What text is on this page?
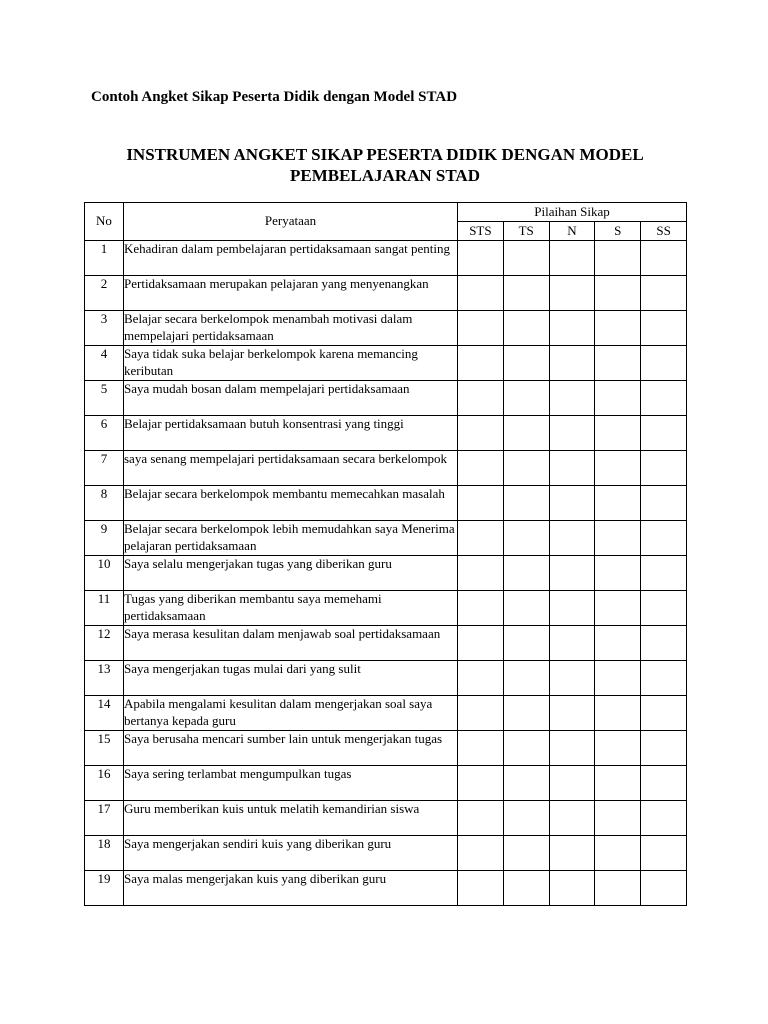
Contoh Angket Sikap Peserta Didik dengan Model STAD
INSTRUMEN ANGKET SIKAP PESERTA DIDIK DENGAN MODEL
PEMBELAJARAN STAD
No	Peryataan	Pilaihan Sikap				
		STS	TS	N	S	SS
1	Kehadiran dalam pembelajaran pertidaksamaan sangat penting					
2	Pertidaksamaan merupakan pelajaran yang menyenangkan					
3	Belajar secara berkelompok menambah motivasi dalam mempelajari pertidaksamaan					
4	Saya tidak suka belajar berkelompok karena memancing keributan					
5	Saya mudah bosan dalam mempelajari pertidaksamaan					
6	Belajar pertidaksamaan butuh konsentrasi yang tinggi					
7	saya senang mempelajari pertidaksamaan secara berkelompok					
8	Belajar secara berkelompok membantu memecahkan masalah					
9	Belajar secara berkelompok lebih memudahkan saya Menerima pelajaran pertidaksamaan					
10	Saya selalu mengerjakan tugas yang diberikan guru					
11	Tugas yang diberikan membantu saya memehami pertidaksamaan					
12	Saya merasa kesulitan dalam menjawab soal pertidaksamaan					
13	Saya mengerjakan tugas mulai dari yang sulit					
14	Apabila mengalami kesulitan dalam mengerjakan soal saya bertanya kepada guru					
15	Saya berusaha mencari sumber lain untuk mengerjakan tugas					
16	Saya sering terlambat mengumpulkan tugas					
17	Guru memberikan kuis untuk melatih kemandirian siswa					
18	Saya mengerjakan sendiri kuis yang diberikan guru					
19	Saya malas mengerjakan kuis yang diberikan guru					
